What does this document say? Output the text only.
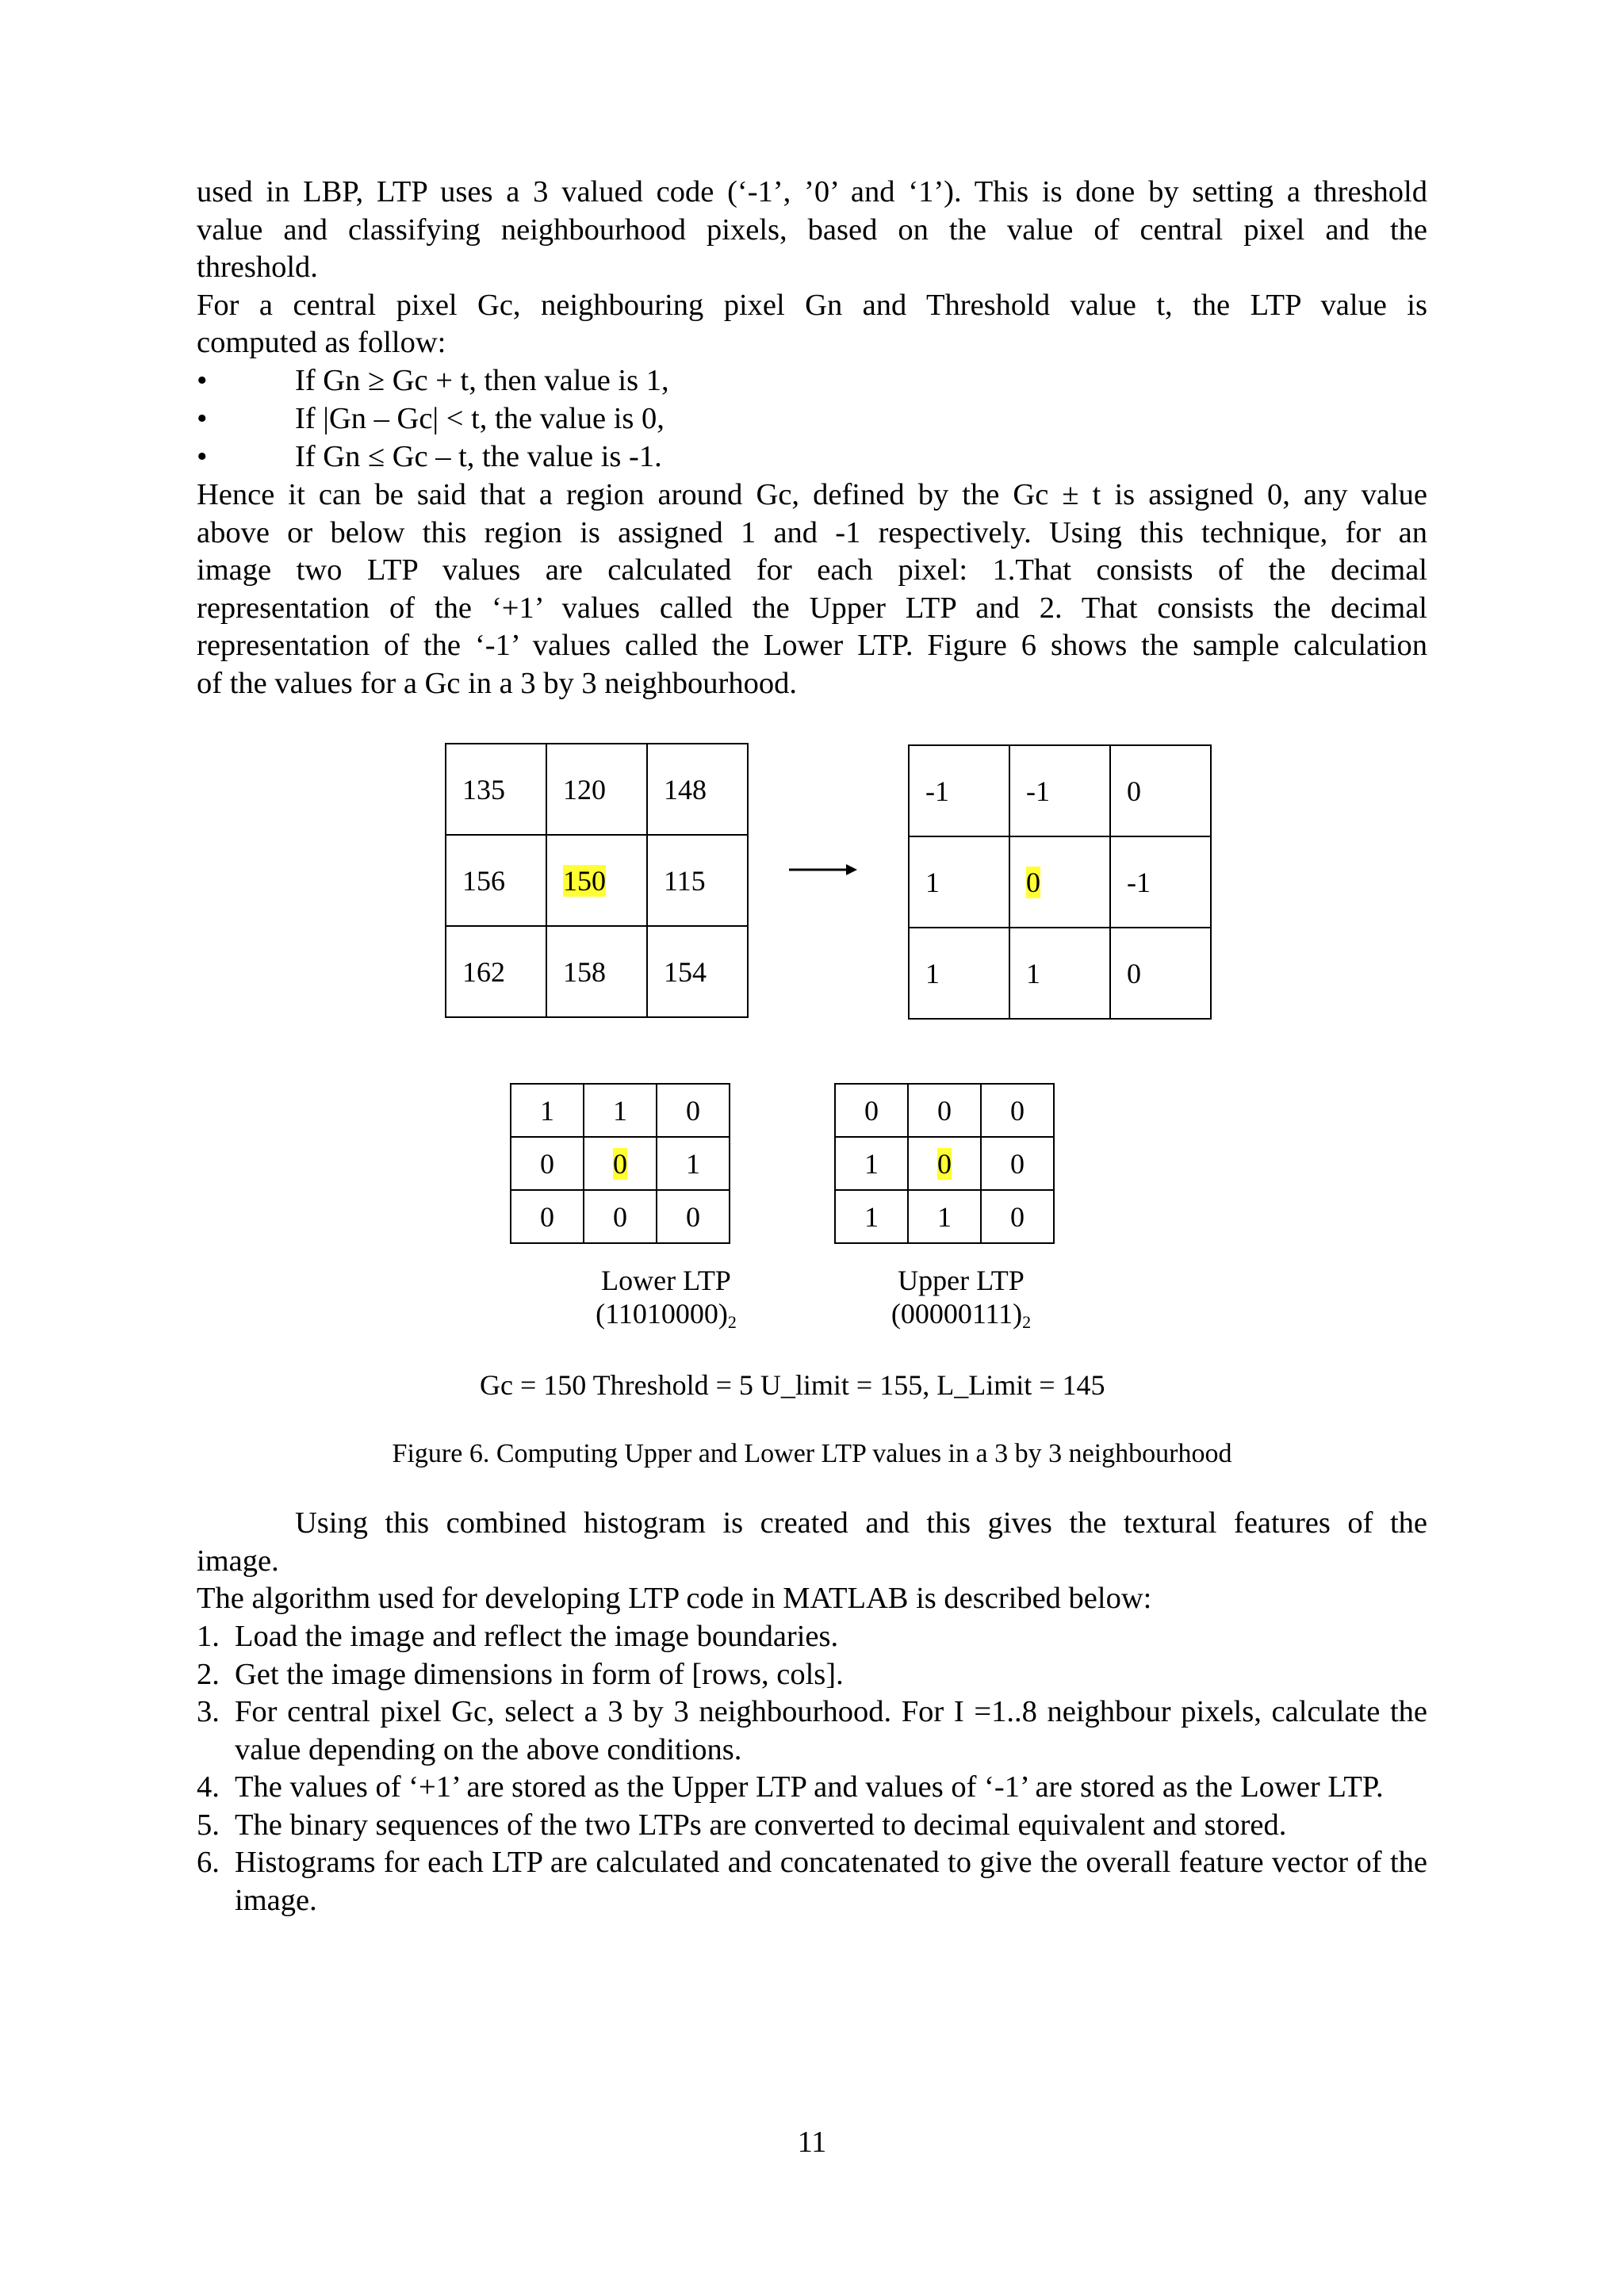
used in LBP, LTP uses a 3 valued code (‘-1’, ’0’ and ‘1’). This is done by setting a threshold
value and classifying neighbourhood pixels, based on the value of central pixel and the
threshold.
For a central pixel Gc, neighbouring pixel Gn and Threshold value t, the LTP value is
computed as follow:

•	If Gn ≥ Gc + t, then value is 1,
•	If |Gn – Gc| < t, the value is 0,
•	If Gn ≤ Gc – t, the value is -1.

Hence it can be said that a region around Gc, defined by the Gc ± t is assigned 0, any value
above or below this region is assigned 1 and -1 respectively. Using this technique, for an
image two LTP values are calculated for each pixel: 1.That consists of the decimal
representation of the ‘+1’ values called the Upper LTP and 2. That consists the decimal
representation of the ‘-1’ values called the Lower LTP. Figure 6 shows the sample calculation
of the values for a Gc in a 3 by 3 neighbourhood.

135	120	148
156	150	115
162	158	154
-1	-1	0
1	0	-1
1	1	0
1	1	0
0	0	1
0	0	0
0	0	0
1	0	0
1	1	0
Lower LTP
$(11010000)_2$
Upper LTP
$(00000111)_2$
Gc = 150 Threshold = 5 U_limit = 155, L_Limit = 145
Figure 6. Computing Upper and Lower LTP values in a 3 by 3 neighbourhood

Using this combined histogram is created and this gives the textural features of the
image.
The algorithm used for developing LTP code in MATLAB is described below:

1. Load the image and reflect the image boundaries.
2. Get the image dimensions in form of [rows, cols].
3. For central pixel Gc, select a 3 by 3 neighbourhood. For I =1..8 neighbour pixels, calculate the value depending on the above conditions.
4. The values of ‘+1’ are stored as the Upper LTP and values of ‘-1’ are stored as the Lower LTP.
5. The binary sequences of the two LTPs are converted to decimal equivalent and stored.
6. Histograms for each LTP are calculated and concatenated to give the overall feature vector of the image.
11
